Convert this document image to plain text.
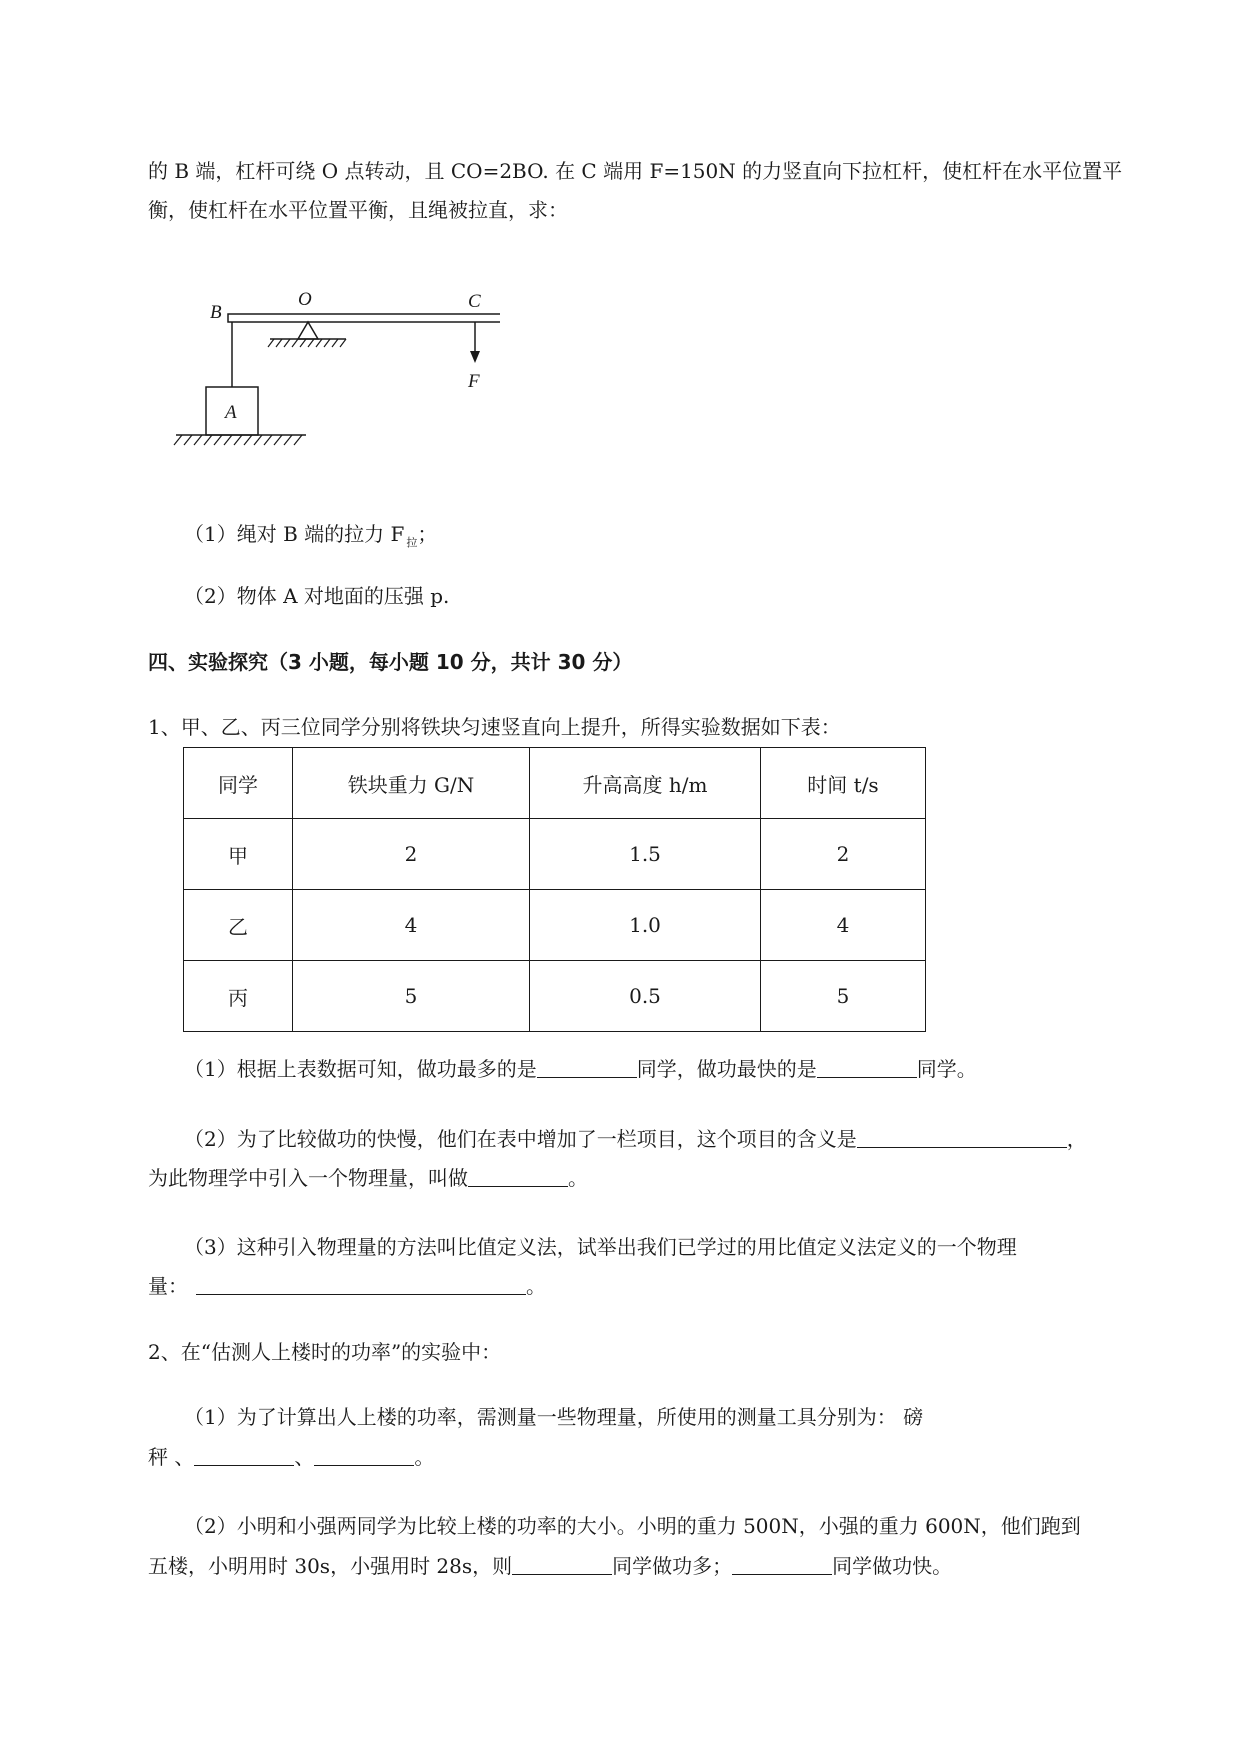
的 B 端，杠杆可绕 O 点转动，且 CO=2BO. 在 C 端用 F=150N 的力竖直向下拉杠杆，使杠杆在水平位置平
衡，使杠杆在水平位置平衡，且绳被拉直，求：
B
O	C
F
A
（1）绳对 B 端的拉力 F $_拉$；
（2）物体 A 对地面的压强 p.
四、实验探究（3 小题，每小题 10 分，共计 30 分）
1、甲、乙、丙三位同学分别将铁块匀速竖直向上提升，所得实验数据如下表：
同学	铁块重力 G/N	升高高度 h/m	时间 t/s
甲	2	1.5	2
乙	4	1.0	4
丙	5	0.5	5
（1）根据上表数据可知，做功最多的是	同学，做功最快的是	同学。
（2）为了比较做功的快慢，他们在表中增加了一栏项目，这个项目的含义是	，
为此物理学中引入一个物理量，叫做	。
（3）这种引入物理量的方法叫比值定义法，试举出我们已学过的用比值定义法定义的一个物理
量：	。
2、在“估测人上楼时的功率”的实验中：
（1）为了计算出人上楼的功率，需测量一些物理量，所使用的测量工具分别为： 磅
秤 、	、	。
（2）小明和小强两同学为比较上楼的功率的大小。小明的重力 500N，小强的重力 600N，他们跑到
五楼，小明用时 30s，小强用时 28s，则	同学做功多；	同学做功快。
